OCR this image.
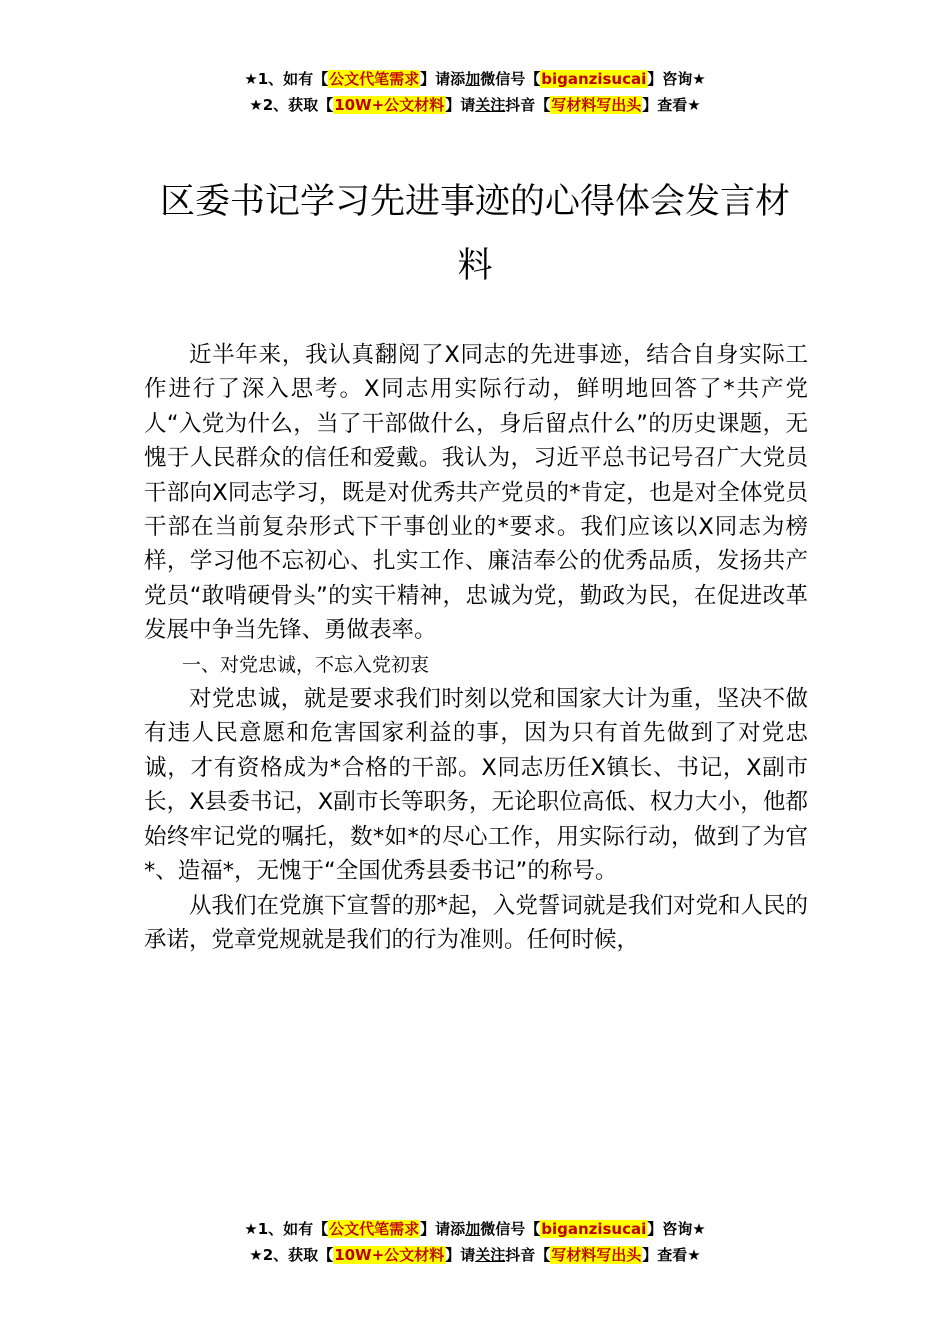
★1、如有【公文代笔需求】请添加微信号【biganzisucai】咨询★
★2、获取【10W+公文材料】请关注抖音【写材料写出头】查看★
区委书记学习先进事迹的心得体会发言材料

近半年来，我认真翻阅了X同志的先进事迹，结合自身实际工作进行了深入思考。X同志用实际行动，鲜明地回答了*共产党人“入党为什么，当了干部做什么，身后留点什么”的历史课题，无愧于人民群众的信任和爱戴。我认为，习近平总书记号召广大党员干部向X同志学习，既是对优秀共产党员的*肯定，也是对全体党员干部在当前复杂形式下干事创业的*要求。我们应该以X同志为榜样，学习他不忘初心、扎实工作、廉洁奉公的优秀品质，发扬共产党员“敢啃硬骨头”的实干精神，忠诚为党，勤政为民，在促进改革发展中争当先锋、勇做表率。

一、对党忠诚，不忘入党初衷

对党忠诚，就是要求我们时刻以党和国家大计为重，坚决不做有违人民意愿和危害国家利益的事，因为只有首先做到了对党忠诚，才有资格成为*合格的干部。X同志历任X镇长、书记，X副市长，X县委书记，X副市长等职务，无论职位高低、权力大小，他都始终牢记党的嘱托，数*如*的尽心工作，用实际行动，做到了为官*、造福*，无愧于“全国优秀县委书记”的称号。

从我们在党旗下宣誓的那*起，入党誓词就是我们对党和人民的承诺，党章党规就是我们的行为准则。任何时候，

★1、如有【公文代笔需求】请添加微信号【biganzisucai】咨询★
★2、获取【10W+公文材料】请关注抖音【写材料写出头】查看★
